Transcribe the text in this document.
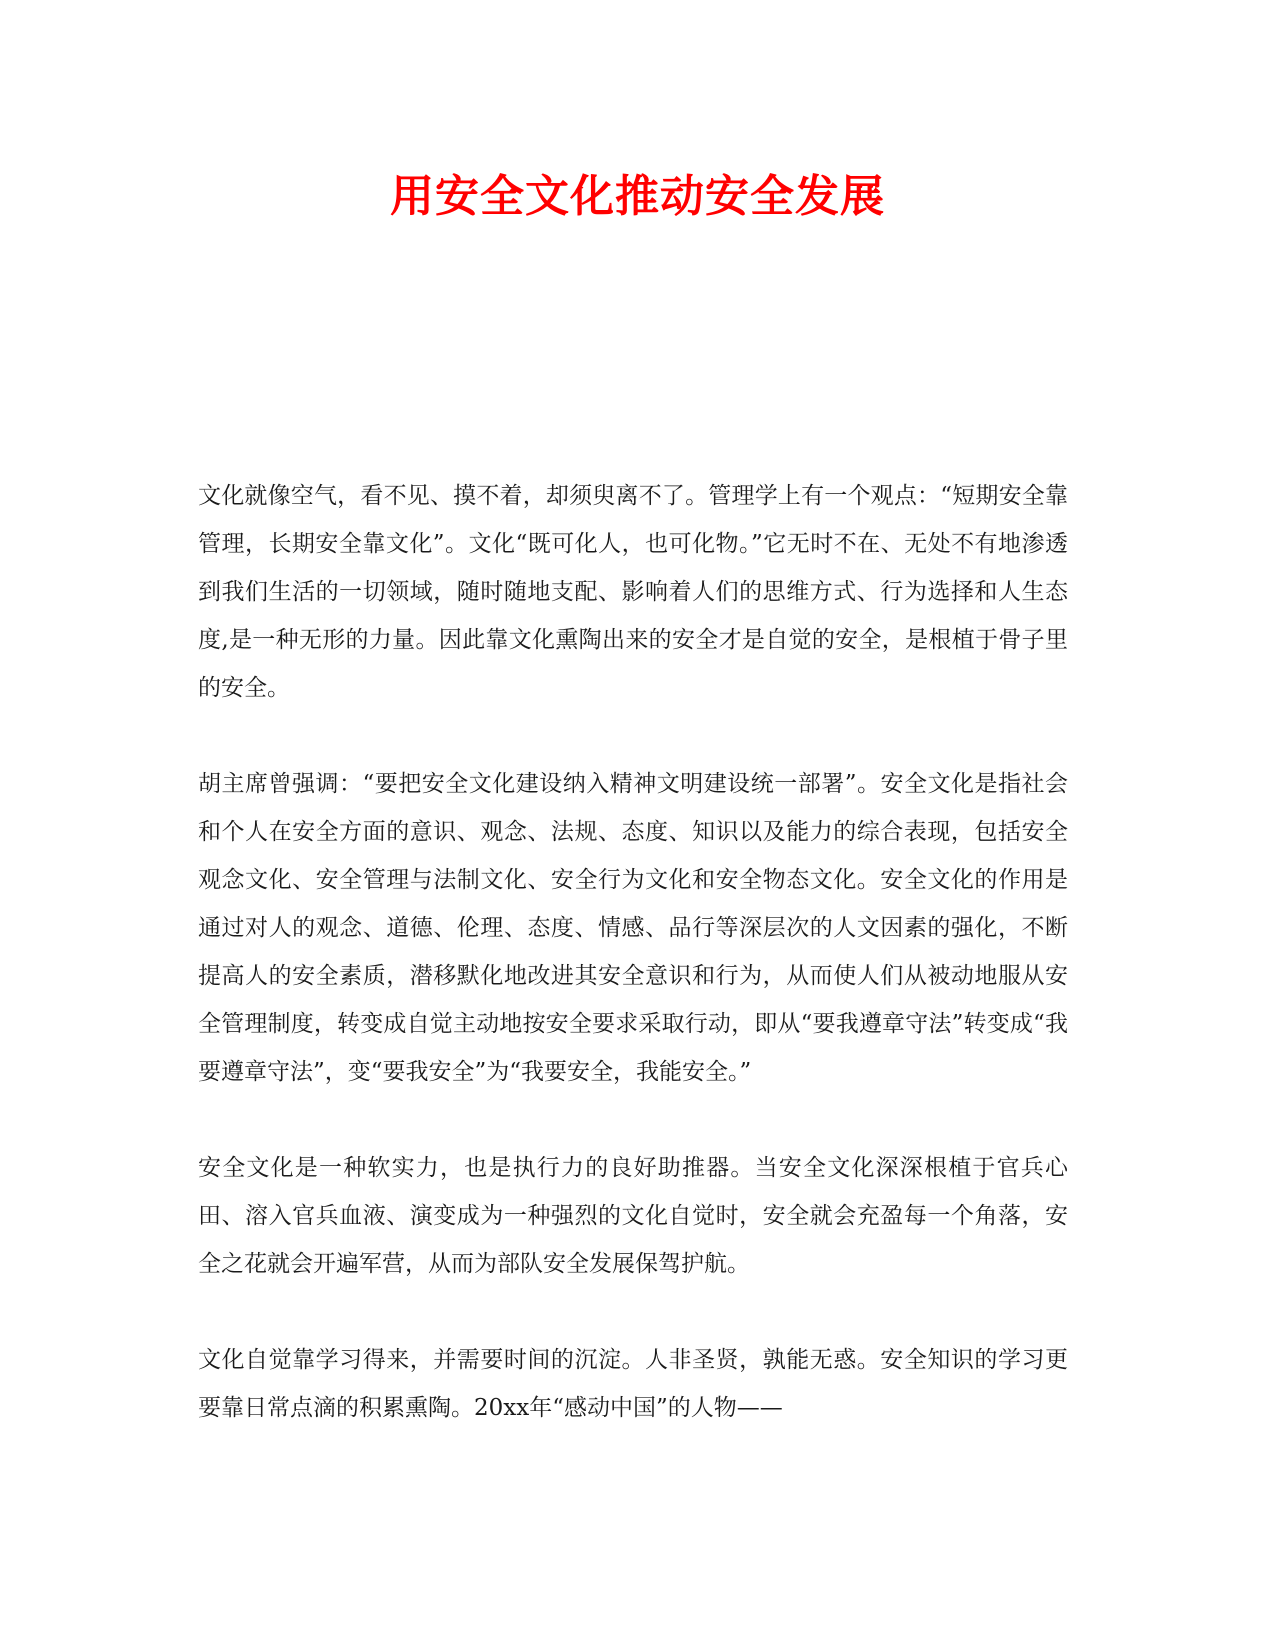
用安全文化推动安全发展

文化就像空气，看不见、摸不着，却须臾离不了。管理学上有一个观点：“短期安全靠管理，长期安全靠文化”。文化“既可化人，也可化物。”它无时不在、无处不有地渗透到我们生活的一切领域，随时随地支配、影响着人们的思维方式、行为选择和人生态度,是一种无形的力量。因此靠文化熏陶出来的安全才是自觉的安全，是根植于骨子里的安全。

胡主席曾强调：“要把安全文化建设纳入精神文明建设统一部署”。安全文化是指社会和个人在安全方面的意识、观念、法规、态度、知识以及能力的综合表现，包括安全观念文化、安全管理与法制文化、安全行为文化和安全物态文化。安全文化的作用是通过对人的观念、道德、伦理、态度、情感、品行等深层次的人文因素的强化，不断提高人的安全素质，潜移默化地改进其安全意识和行为，从而使人们从被动地服从安全管理制度，转变成自觉主动地按安全要求采取行动，即从“要我遵章守法”转变成“我要遵章守法”，变“要我安全”为“我要安全，我能安全。”

安全文化是一种软实力，也是执行力的良好助推器。当安全文化深深根植于官兵心田、溶入官兵血液、演变成为一种强烈的文化自觉时，安全就会充盈每一个角落，安全之花就会开遍军营，从而为部队安全发展保驾护航。

文化自觉靠学习得来，并需要时间的沉淀。人非圣贤，孰能无惑。安全知识的学习更要靠日常点滴的积累熏陶。20xx年“感动中国”的人物——
